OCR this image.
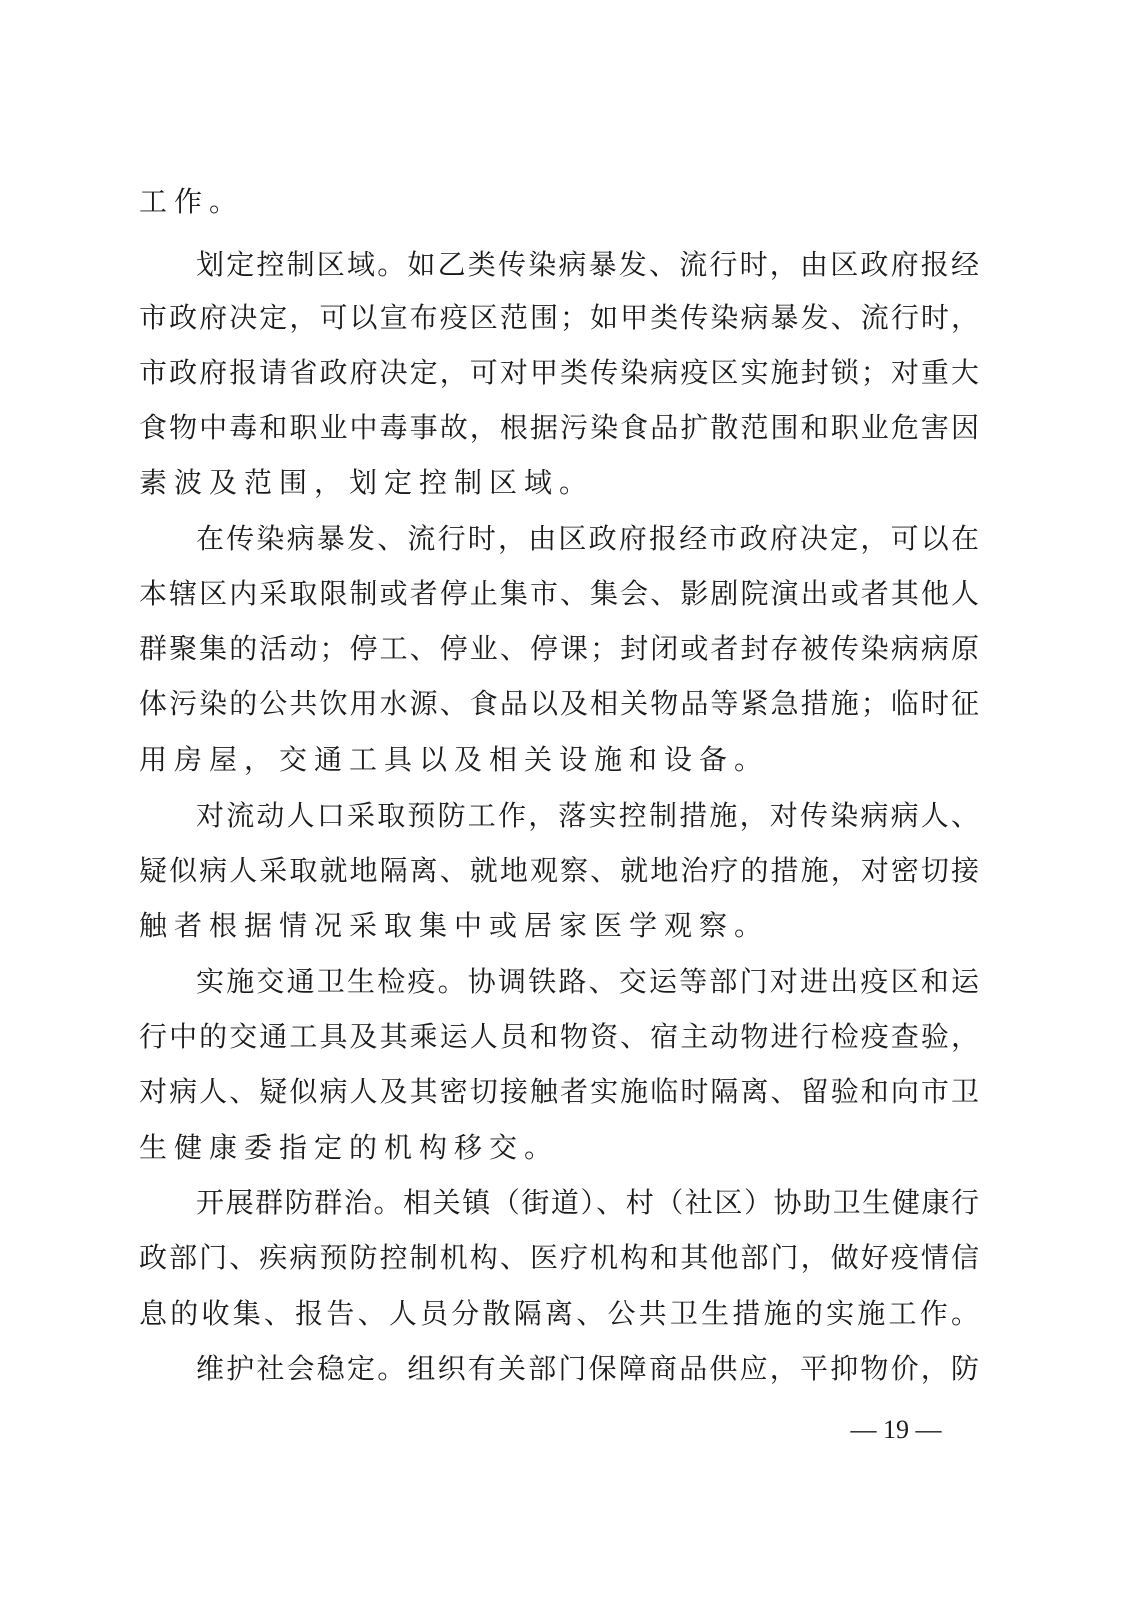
工作。
划定控制区域。如乙类传染病暴发、流行时，由区政府报经
市政府决定，可以宣布疫区范围；如甲类传染病暴发、流行时，
市政府报请省政府决定，可对甲类传染病疫区实施封锁；对重大
食物中毒和职业中毒事故，根据污染食品扩散范围和职业危害因
素波及范围，划定控制区域。
在传染病暴发、流行时，由区政府报经市政府决定，可以在
本辖区内采取限制或者停止集市、集会、影剧院演出或者其他人
群聚集的活动；停工、停业、停课；封闭或者封存被传染病病原
体污染的公共饮用水源、食品以及相关物品等紧急措施；临时征
用房屋，交通工具以及相关设施和设备。
对流动人口采取预防工作，落实控制措施，对传染病病人、
疑似病人采取就地隔离、就地观察、就地治疗的措施，对密切接
触者根据情况采取集中或居家医学观察。
实施交通卫生检疫。协调铁路、交运等部门对进出疫区和运
行中的交通工具及其乘运人员和物资、宿主动物进行检疫查验，
对病人、疑似病人及其密切接触者实施临时隔离、留验和向市卫
生健康委指定的机构移交。
开展群防群治。相关镇（街道）、村（社区）协助卫生健康行
政部门、疾病预防控制机构、医疗机构和其他部门，做好疫情信
息的收集、报告、人员分散隔离、公共卫生措施的实施工作。
维护社会稳定。组织有关部门保障商品供应，平抑物价，防
— 19 —
